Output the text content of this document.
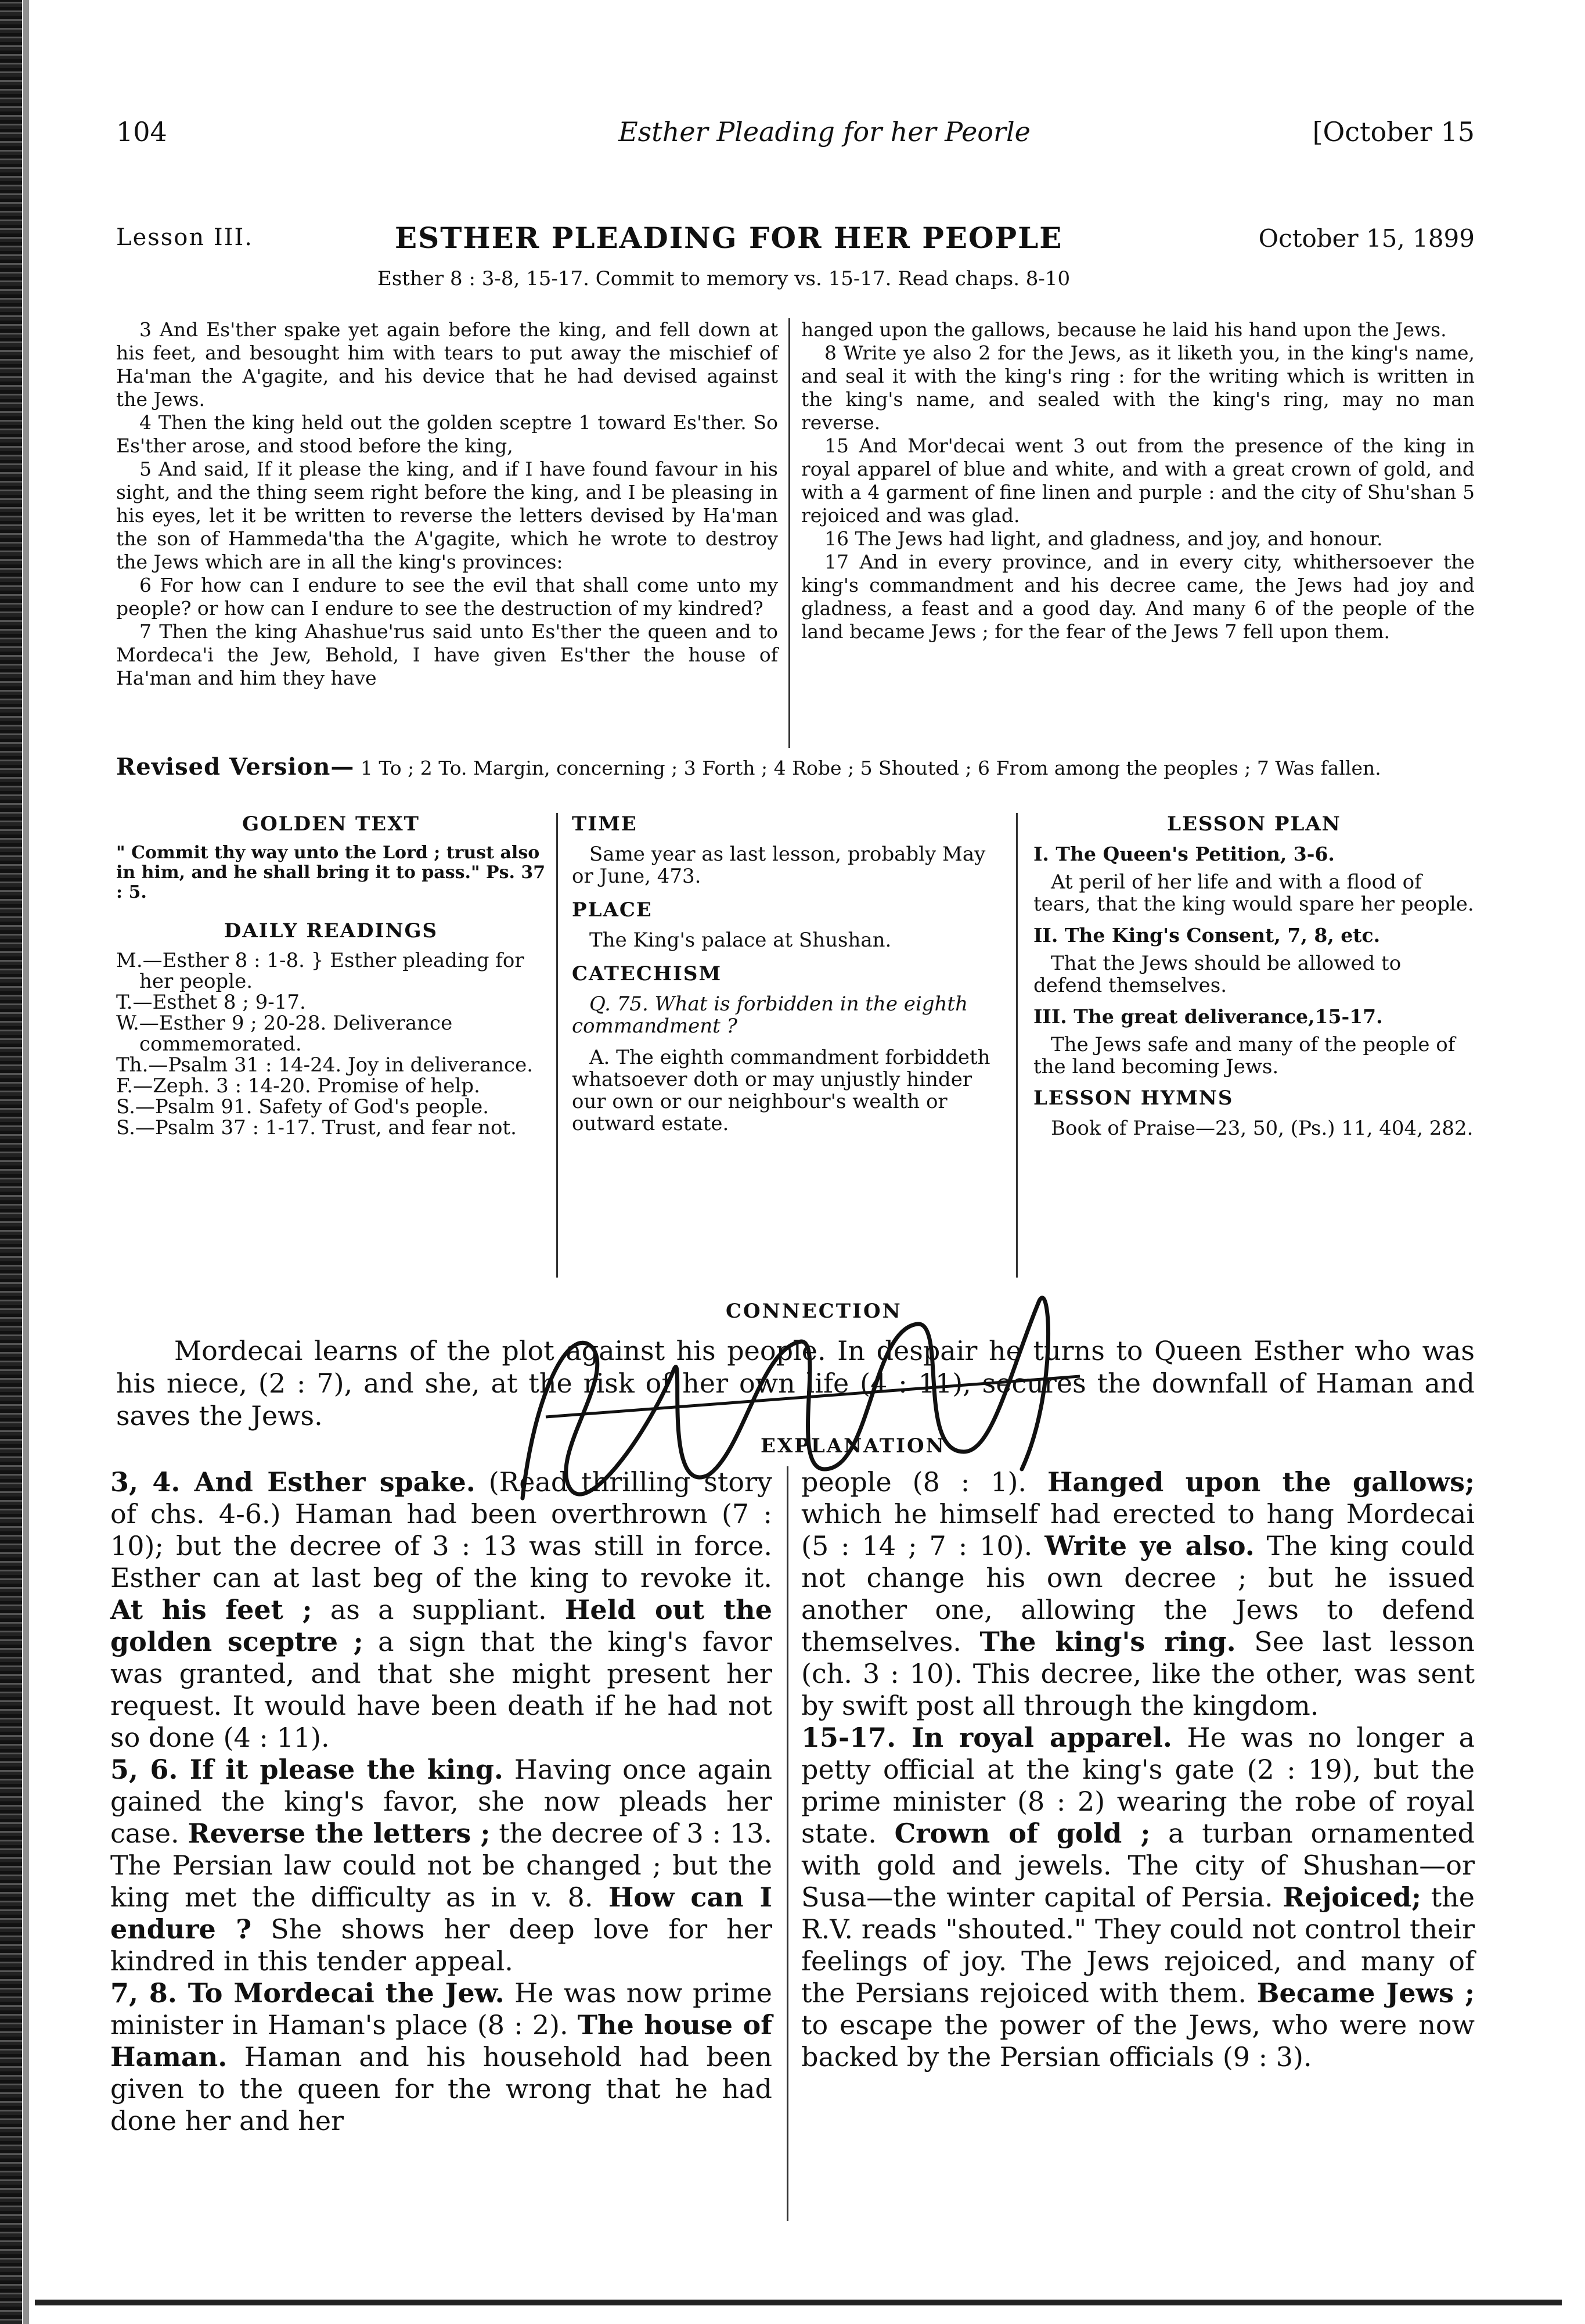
104	Esther Pleading for her Peorle	[October 15
Lesson III.	ESTHER PLEADING FOR HER PEOPLE	October 15, 1899
Esther 8 : 3-8, 15-17. Commit to memory vs. 15-17. Read chaps. 8-10

3 And Es'ther spake yet again before the king, and fell down at his feet, and besought him with tears to put away the mischief of Ha'man the A'gagite, and his device that he had devised against the Jews.

4 Then the king held out the golden sceptre 1 toward Es'ther. So Es'ther arose, and stood before the king,

5 And said, If it please the king, and if I have found favour in his sight, and the thing seem right before the king, and I be pleasing in his eyes, let it be written to reverse the letters devised by Ha'man the son of Hammeda'tha the A'gagite, which he wrote to destroy the Jews which are in all the king's provinces:

6 For how can I endure to see the evil that shall come unto my people? or how can I endure to see the destruction of my kindred?

7 Then the king Ahashue'rus said unto Es'ther the queen and to Mordeca'i the Jew, Behold, I have given Es'ther the house of Ha'man and him they have

hanged upon the gallows, because he laid his hand upon the Jews.

8 Write ye also 2 for the Jews, as it liketh you, in the king's name, and seal it with the king's ring : for the writing which is written in the king's name, and sealed with the king's ring, may no man reverse.

15 And Mor'decai went 3 out from the presence of the king in royal apparel of blue and white, and with a great crown of gold, and with a 4 garment of fine linen and purple : and the city of Shu'shan 5 rejoiced and was glad.

16 The Jews had light, and gladness, and joy, and honour.

17 And in every province, and in every city, whithersoever the king's commandment and his decree came, the Jews had joy and gladness, a feast and a good day. And many 6 of the people of the land became Jews ; for the fear of the Jews 7 fell upon them.

Revised Version— 1 To ; 2 To. Margin, concerning ; 3 Forth ; 4 Robe ; 5 Shouted ; 6 From among the peoples ; 7 Was fallen.
GOLDEN TEXT
" Commit thy way unto the Lord ; trust also in him, and he shall bring it to pass." Ps. 37 : 5.
DAILY READINGS

M.—Esther 8 : 1-8. } Esther pleading for her people.

T.—Esthet 8 ; 9-17.

W.—Esther 9 ; 20-28. Deliverance commemorated.

Th.—Psalm 31 : 14-24. Joy in deliverance.

F.—Zeph. 3 : 14-20. Promise of help.

S.—Psalm 91. Safety of God's people.

S.—Psalm 37 : 1-17. Trust, and fear not.

TIME

Same year as last lesson, probably May or June, 473.

PLACE

The King's palace at Shushan.

CATECHISM

Q. 75. What is forbidden in the eighth commandment ?

A. The eighth commandment forbiddeth whatsoever doth or may unjustly hinder our own or our neighbour's wealth or outward estate.

LESSON PLAN
I. The Queen's Petition, 3-6.

At peril of her life and with a flood of tears, that the king would spare her people.

II. The King's Consent, 7, 8, etc.

That the Jews should be allowed to defend themselves.

III. The great deliverance,15-17.

The Jews safe and many of the people of the land becoming Jews.

LESSON HYMNS

Book of Praise—23, 50, (Ps.) 11, 404, 282.

CONNECTION
Mordecai learns of the plot against his people. In despair he turns to Queen Esther who was his niece, (2 : 7), and she, at the risk of her own life (4 : 11), secures the downfall of Haman and saves the Jews.
EXPLANATION

3, 4. And Esther spake. (Read thrilling story of chs. 4-6.) Haman had been overthrown (7 : 10); but the decree of 3 : 13 was still in force. Esther can at last beg of the king to revoke it. At his feet ; as a suppliant. Held out the golden sceptre ; a sign that the king's favor was granted, and that she might present her request. It would have been death if he had not so done (4 : 11).

5, 6. If it please the king. Having once again gained the king's favor, she now pleads her case. Reverse the letters ; the decree of 3 : 13. The Persian law could not be changed ; but the king met the difficulty as in v. 8. How can I endure ? She shows her deep love for her kindred in this tender appeal.

7, 8. To Mordecai the Jew. He was now prime minister in Haman's place (8 : 2). The house of Haman. Haman and his household had been given to the queen for the wrong that he had done her and her

people (8 : 1). Hanged upon the gallows; which he himself had erected to hang Mordecai (5 : 14 ; 7 : 10). Write ye also. The king could not change his own decree ; but he issued another one, allowing the Jews to defend themselves. The king's ring. See last lesson (ch. 3 : 10). This decree, like the other, was sent by swift post all through the kingdom.

15-17. In royal apparel. He was no longer a petty official at the king's gate (2 : 19), but the prime minister (8 : 2) wearing the robe of royal state. Crown of gold ; a turban ornamented with gold and jewels. The city of Shushan—or Susa—the winter capital of Persia. Rejoiced; the R.V. reads "shouted." They could not control their feelings of joy. The Jews rejoiced, and many of the Persians rejoiced with them. Became Jews ; to escape the power of the Jews, who were now backed by the Persian officials (9 : 3).
